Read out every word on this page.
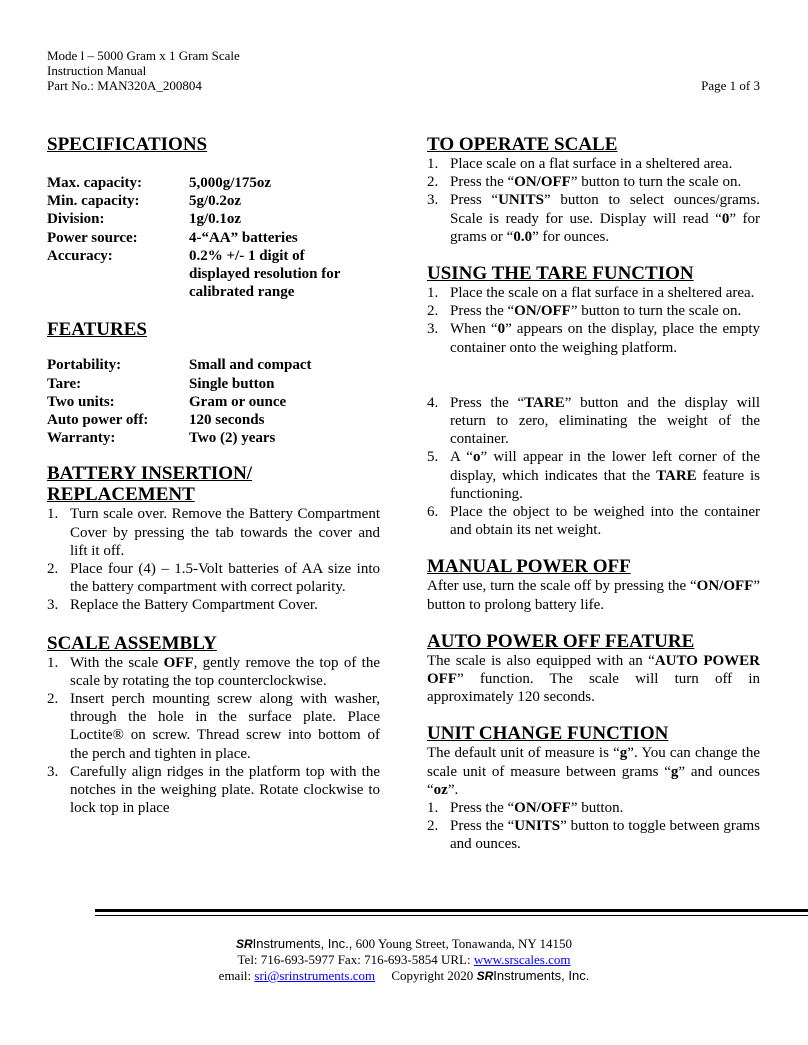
Mode l – 5000 Gram x 1 Gram Scale
Instruction Manual
Part No.: MAN320A_200804	Page 1 of 3
SPECIFICATIONS
Max. capacity:	5,000g/175oz
Min. capacity:	5g/0.2oz
Division:	1g/0.1oz
Power source:	4-“AA” batteries
Accuracy:	0.2% +/- 1 digit of displayed resolution for calibrated range
FEATURES
Portability:	Small and compact
Tare:	Single button
Two units:	Gram or ounce
Auto power off:	120 seconds
Warranty:	Two (2) years
BATTERY INSERTION/
REPLACEMENT
1. Turn scale over. Remove the Battery Compartment Cover by pressing the tab towards the cover and lift it off.
2. Place four (4) – 1.5-Volt batteries of AA size into the battery compartment with correct polarity.
3. Replace the Battery Compartment Cover.
SCALE ASSEMBLY
1. With the scale OFF, gently remove the top of the scale by rotating the top counterclockwise.
2. Insert perch mounting screw along with washer, through the hole in the surface plate. Place Loctite® on screw. Thread screw into bottom of the perch and tighten in place.
3. Carefully align ridges in the platform top with the notches in the weighing plate. Rotate clockwise to lock top in place
TO OPERATE SCALE
1. Place scale on a flat surface in a sheltered area.
2. Press the “ON/OFF” button to turn the scale on.
3. Press “UNITS” button to select ounces/grams. Scale is ready for use. Display will read “0” for grams or “0.0” for ounces.
USING THE TARE FUNCTION
1. Place the scale on a flat surface in a sheltered area.
2. Press the “ON/OFF” button to turn the scale on.
3. When “0” appears on the display, place the empty container onto the weighing platform.
4. Press the “TARE” button and the display will return to zero, eliminating the weight of the container.
5. A “o” will appear in the lower left corner of the display, which indicates that the TARE feature is functioning.
6. Place the object to be weighed into the container and obtain its net weight.
MANUAL POWER OFF

After use, turn the scale off by pressing the “ON/OFF” button to prolong battery life.

AUTO POWER OFF FEATURE

The scale is also equipped with an “AUTO POWER OFF” function. The scale will turn off in approximately 120 seconds.

UNIT CHANGE FUNCTION

The default unit of measure is “g”. You can change the scale unit of measure between grams “g” and ounces “oz”.

1. Press the “ON/OFF” button.
2. Press the “UNITS” button to toggle between grams and ounces.
SRInstruments, Inc., 600 Young Street, Tonawanda, NY 14150
Tel: 716-693-5977 Fax: 716-693-5854 URL: www.srscales.com
email: sri@srinstruments.com     Copyright 2020 SRInstruments, Inc.
